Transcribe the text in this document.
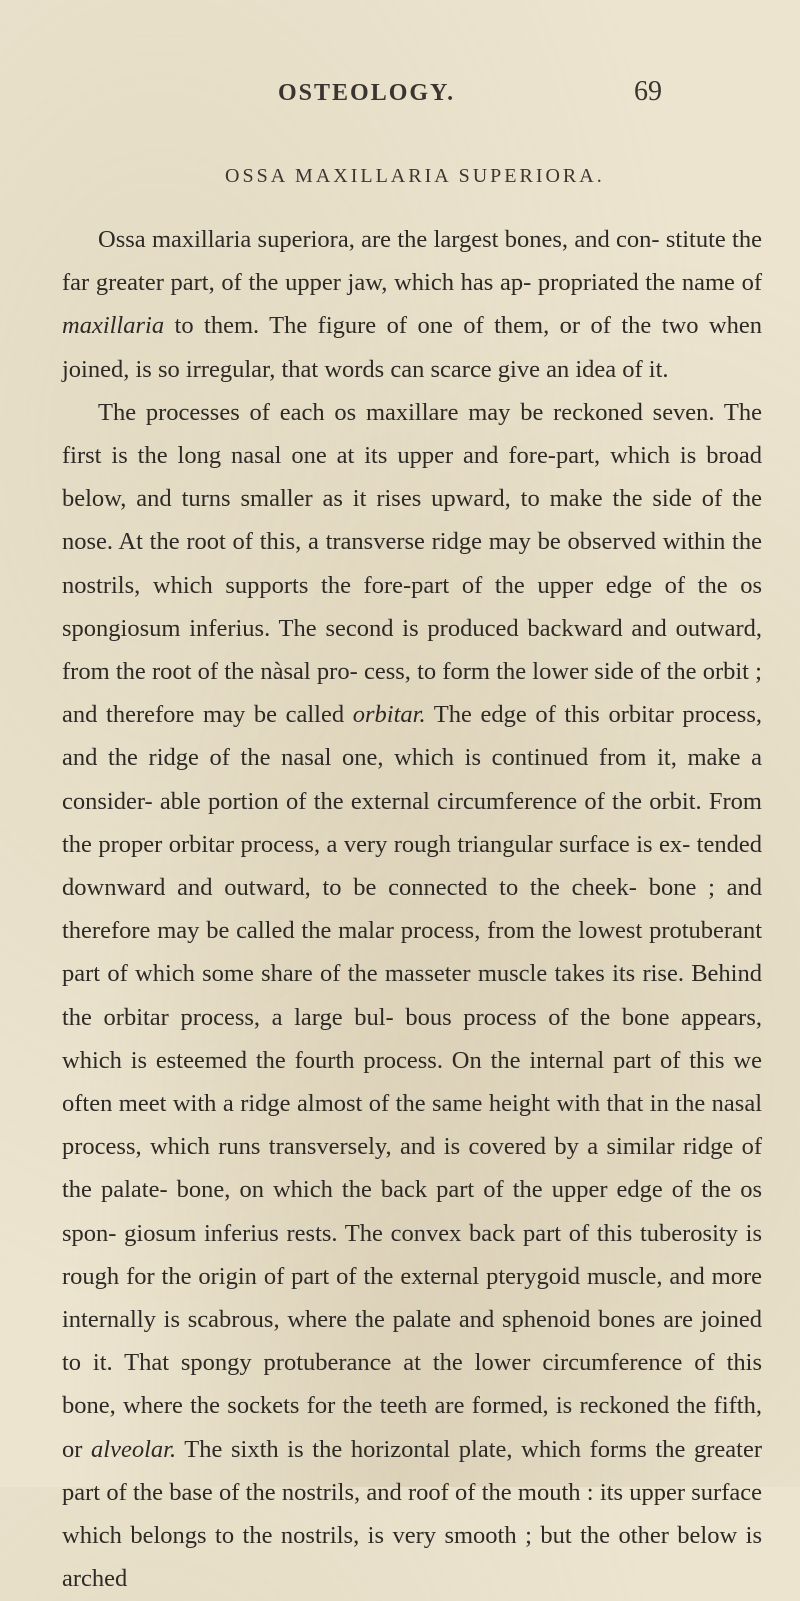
OSTEOLOGY.	69
OSSA MAXILLARIA SUPERIORA.

Ossa maxillaria superiora, are the largest bones, and con- stitute the far greater part, of the upper jaw, which has ap- propriated the name of maxillaria to them. The figure of one of them, or of the two when joined, is so irregular, that words can scarce give an idea of it.

The processes of each os maxillare may be reckoned seven. The first is the long nasal one at its upper and fore-part, which is broad below, and turns smaller as it rises upward, to make the side of the nose. At the root of this, a transverse ridge may be observed within the nostrils, which supports the fore-part of the upper edge of the os spongiosum inferius. The second is produced backward and outward, from the root of the nàsal pro- cess, to form the lower side of the orbit ; and therefore may be called orbitar. The edge of this orbitar process, and the ridge of the nasal one, which is continued from it, make a consider- able portion of the external circumference of the orbit. From the proper orbitar process, a very rough triangular surface is ex- tended downward and outward, to be connected to the cheek- bone ; and therefore may be called the malar process, from the lowest protuberant part of which some share of the masseter muscle takes its rise. Behind the orbitar process, a large bul- bous process of the bone appears, which is esteemed the fourth process. On the internal part of this we often meet with a ridge almost of the same height with that in the nasal process, which runs transversely, and is covered by a similar ridge of the palate- bone, on which the back part of the upper edge of the os spon- giosum inferius rests. The convex back part of this tuberosity is rough for the origin of part of the external pterygoid muscle, and more internally is scabrous, where the palate and sphenoid bones are joined to it. That spongy protuberance at the lower circumference of this bone, where the sockets for the teeth are formed, is reckoned the fifth, or alveolar. The sixth is the horizontal plate, which forms the greater part of the base of the nostrils, and roof of the mouth : its upper surface which belongs to the nostrils, is very smooth ; but the other below is arched
